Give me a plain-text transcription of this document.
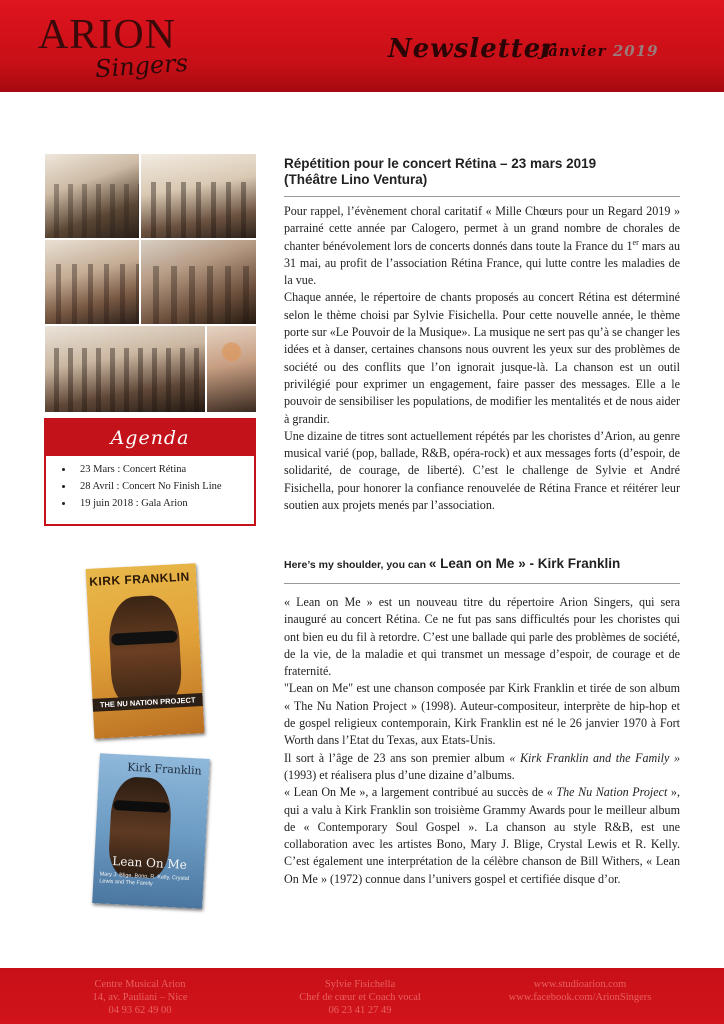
ARION
Singers	Newsletter
Janvier 2019
Agenda
• 23 Mars : Concert Rétina
• 28 Avril : Concert No Finish Line
• 19 juin 2018 : Gala Arion
Répétition pour le concert Rétina – 23 mars 2019
(Théâtre Lino Ventura)

Pour rappel, l’évènement choral caritatif « Mille Chœurs pour un Regard 2019 » parrainé cette année par Calogero, permet à un grand nombre de chorales de chanter bénévolement lors de concerts donnés dans toute la France du 1er mars au 31 mai, au profit de l’association Rétina France, qui lutte contre les maladies de la vue.

Chaque année, le répertoire de chants proposés au concert Rétina est déterminé selon le thème choisi par Sylvie Fisichella. Pour cette nouvelle année, le thème porte sur «Le Pouvoir de la Musique». La musique ne sert pas qu’à se changer les idées et à danser, certaines chansons nous ouvrent les yeux sur des problèmes de société ou des conflits que l’on ignorait jusque-là. La chanson est un outil privilégié pour exprimer un engagement, faire passer des messages. Elle a le pouvoir de sensibiliser les populations, de modifier les mentalités et de nous aider à grandir.

Une dizaine de titres sont actuellement répétés par les choristes d’Arion, au genre musical varié (pop, ballade, R&B, opéra-rock) et aux messages forts (d’espoir, de solidarité, de courage, de liberté). C’est le challenge de Sylvie et André Fisichella, pour honorer la confiance renouvelée de Rétina France et réitérer leur soutien aux projets menés par l’association.

Here’s my shoulder, you can « Lean on Me » - Kirk Franklin

« Lean on Me » est un nouveau titre du répertoire Arion Singers, qui sera inauguré au concert Rétina. Ce ne fut pas sans difficultés pour les choristes qui ont bien eu du fil à retordre. C’est une ballade qui parle des problèmes de société, de la vie, de la maladie et qui transmet un message d’espoir, de courage et de fraternité.

"Lean on Me" est une chanson composée par Kirk Franklin et tirée de son album « The Nu Nation Project » (1998). Auteur-compositeur, interprète de hip-hop et de gospel religieux contemporain, Kirk Franklin est né le 26 janvier 1970 à Fort Worth dans l’Etat du Texas, aux Etats-Unis.

Il sort à l’âge de 23 ans son premier album « Kirk Franklin and the Family » (1993) et réalisera plus d’une dizaine d’albums.

« Lean On Me », a largement contribué au succès de « The Nu Nation Project », qui a valu à Kirk Franklin son troisième Grammy Awards pour le meilleur album de « Contemporary Soul Gospel ». La chanson au style R&B, est une collaboration avec les artistes Bono, Mary J. Blige, Crystal Lewis et R. Kelly. C’est également une interprétation de la célèbre chanson de Bill Withers, « Lean On Me » (1972) connue dans l’univers gospel et certifiée disque d’or.

KIRK FRANKLIN
THE NU NATION PROJECT
Kirk Franklin
Lean On Me
Mary J. Blige, Bono, R. Kelly, Crystal Lewis and The Family
Centre Musical Arion
14, av. Pauliani – Nice
04 93 62 49 00
Sylvie Fisichella
Chef de cœur et Coach vocal
06 23 41 27 49
www.studioarion.com
www.facebook.com/ArionSingers
